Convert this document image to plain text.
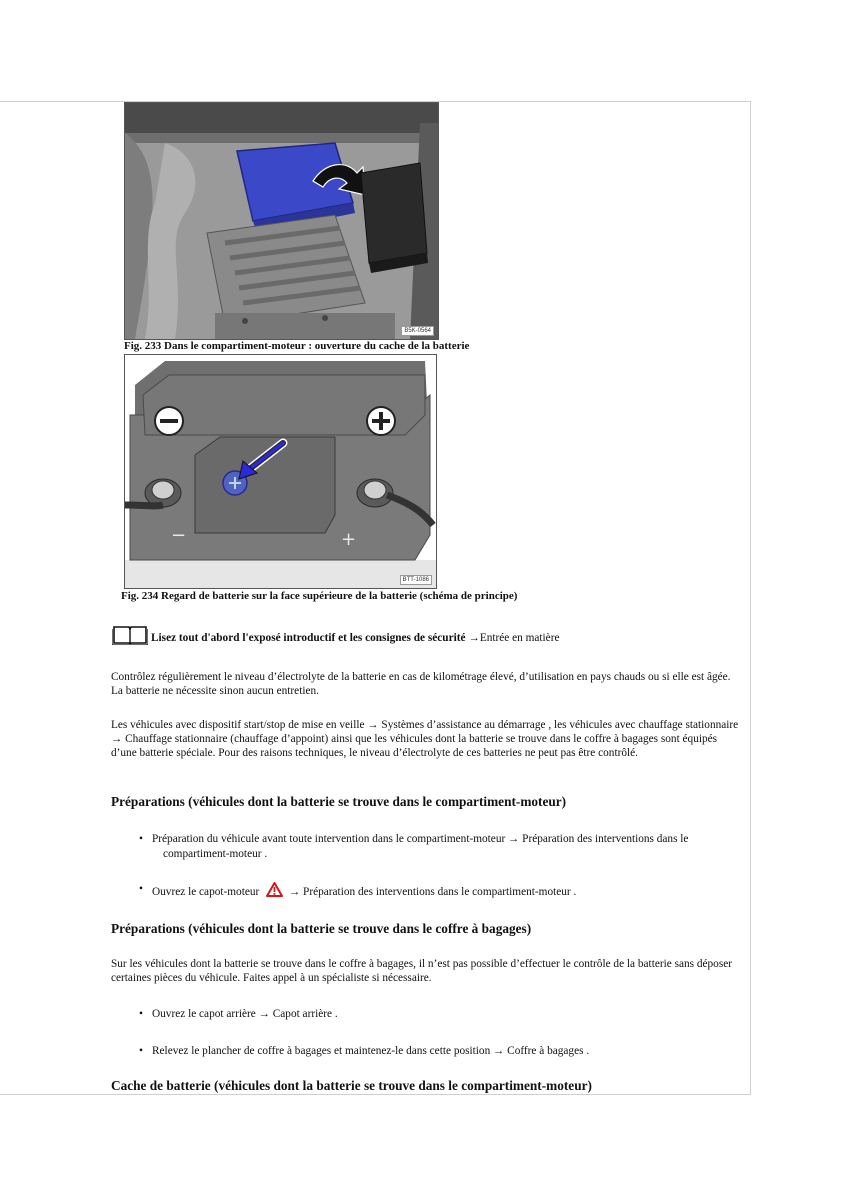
B5K-0564
Fig. 233 Dans le compartiment-moteur : ouverture du cache de la batterie
−	+
BTT-1086
Fig. 234 Regard de batterie sur la face supérieure de la batterie (schéma de principe)
Lisez tout d'abord l'exposé introductif et les consignes de sécurité →Entrée en matière
Contrôlez régulièrement le niveau d’électrolyte de la batterie en cas de kilométrage élevé, d’utilisation en pays chauds ou si elle est âgée. La batterie ne nécessite sinon aucun entretien.
Les véhicules avec dispositif start/stop de mise en veille → Systèmes d’assistance au démarrage , les véhicules avec chauffage stationnaire → Chauffage stationnaire (chauffage d’appoint) ainsi que les véhicules dont la batterie se trouve dans le coffre à bagages sont équipés d’une batterie spéciale. Pour des raisons techniques, le niveau d’électrolyte de ces batteries ne peut pas être contrôlé.
Préparations (véhicules dont la batterie se trouve dans le compartiment-moteur)
• Préparation du véhicule avant toute intervention dans le compartiment-moteur → Préparation des interventions dans le
compartiment-moteur .
• Ouvrez le capot-moteur	→ Préparation des interventions dans le compartiment-moteur .
Préparations (véhicules dont la batterie se trouve dans le coffre à bagages)
Sur les véhicules dont la batterie se trouve dans le coffre à bagages, il n’est pas possible d’effectuer le contrôle de la batterie sans déposer certaines pièces du véhicule. Faites appel à un spécialiste si nécessaire.
• Ouvrez le capot arrière → Capot arrière .
• Relevez le plancher de coffre à bagages et maintenez-le dans cette position → Coffre à bagages .
Cache de batterie (véhicules dont la batterie se trouve dans le compartiment-moteur)
